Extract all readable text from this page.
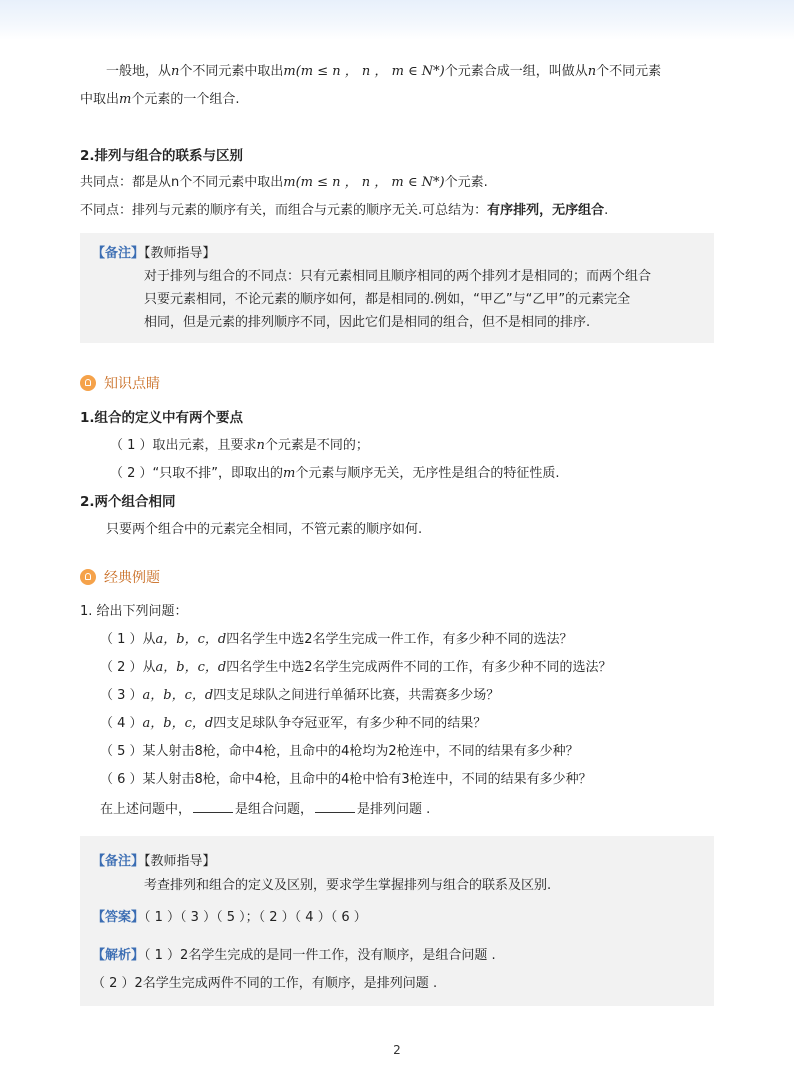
一般地，从n个不同元素中取出m(m ≤ n ， n ， m ∈ N*)个元素合成一组，叫做从n个不同元素
中取出m个元素的一个组合.
2.排列与组合的联系与区别
共同点：都是从n个不同元素中取出m(m ≤ n ， n ， m ∈ N*)个元素.
不同点：排列与元素的顺序有关，而组合与元素的顺序无关.可总结为：有序排列，无序组合.
【备注】【教师指导】
对于排列与组合的不同点：只有元素相同且顺序相同的两个排列才是相同的；而两个组合
只要元素相同，不论元素的顺序如何，都是相同的.例如，“甲乙”与“乙甲”的元素完全
相同，但是元素的排列顺序不同，因此它们是相同的组合，但不是相同的排序.
知识点睛
1.组合的定义中有两个要点
（ 1 ）取出元素，且要求n个元素是不同的；
（ 2 ）“只取不排”，即取出的m个元素与顺序无关，无序性是组合的特征性质.
2.两个组合相同
只要两个组合中的元素完全相同，不管元素的顺序如何.
经典例题
1. 给出下列问题：
（ 1 ）从a，b，c，d四名学生中选2名学生完成一件工作，有多少种不同的选法？
（ 2 ）从a，b，c，d四名学生中选2名学生完成两件不同的工作，有多少种不同的选法？
（ 3 ）a，b，c，d四支足球队之间进行单循环比赛，共需赛多少场？
（ 4 ）a，b，c，d四支足球队争夺冠亚军，有多少种不同的结果？
（ 5 ）某人射击8枪，命中4枪，且命中的4枪均为2枪连中，不同的结果有多少种？
（ 6 ）某人射击8枪，命中4枪，且命中的4枪中恰有3枪连中，不同的结果有多少种？
在上述问题中，	是组合问题，	是排列问题 .
【备注】【教师指导】
考查排列和组合的定义及区别，要求学生掌握排列与组合的联系及区别.
【答案】（ 1 ）（ 3 ）（ 5 ）；（ 2 ）（ 4 ）（ 6 ）
【解析】（ 1 ）2名学生完成的是同一件工作，没有顺序，是组合问题 .
（ 2 ）2名学生完成两件不同的工作，有顺序，是排列问题 .
2
